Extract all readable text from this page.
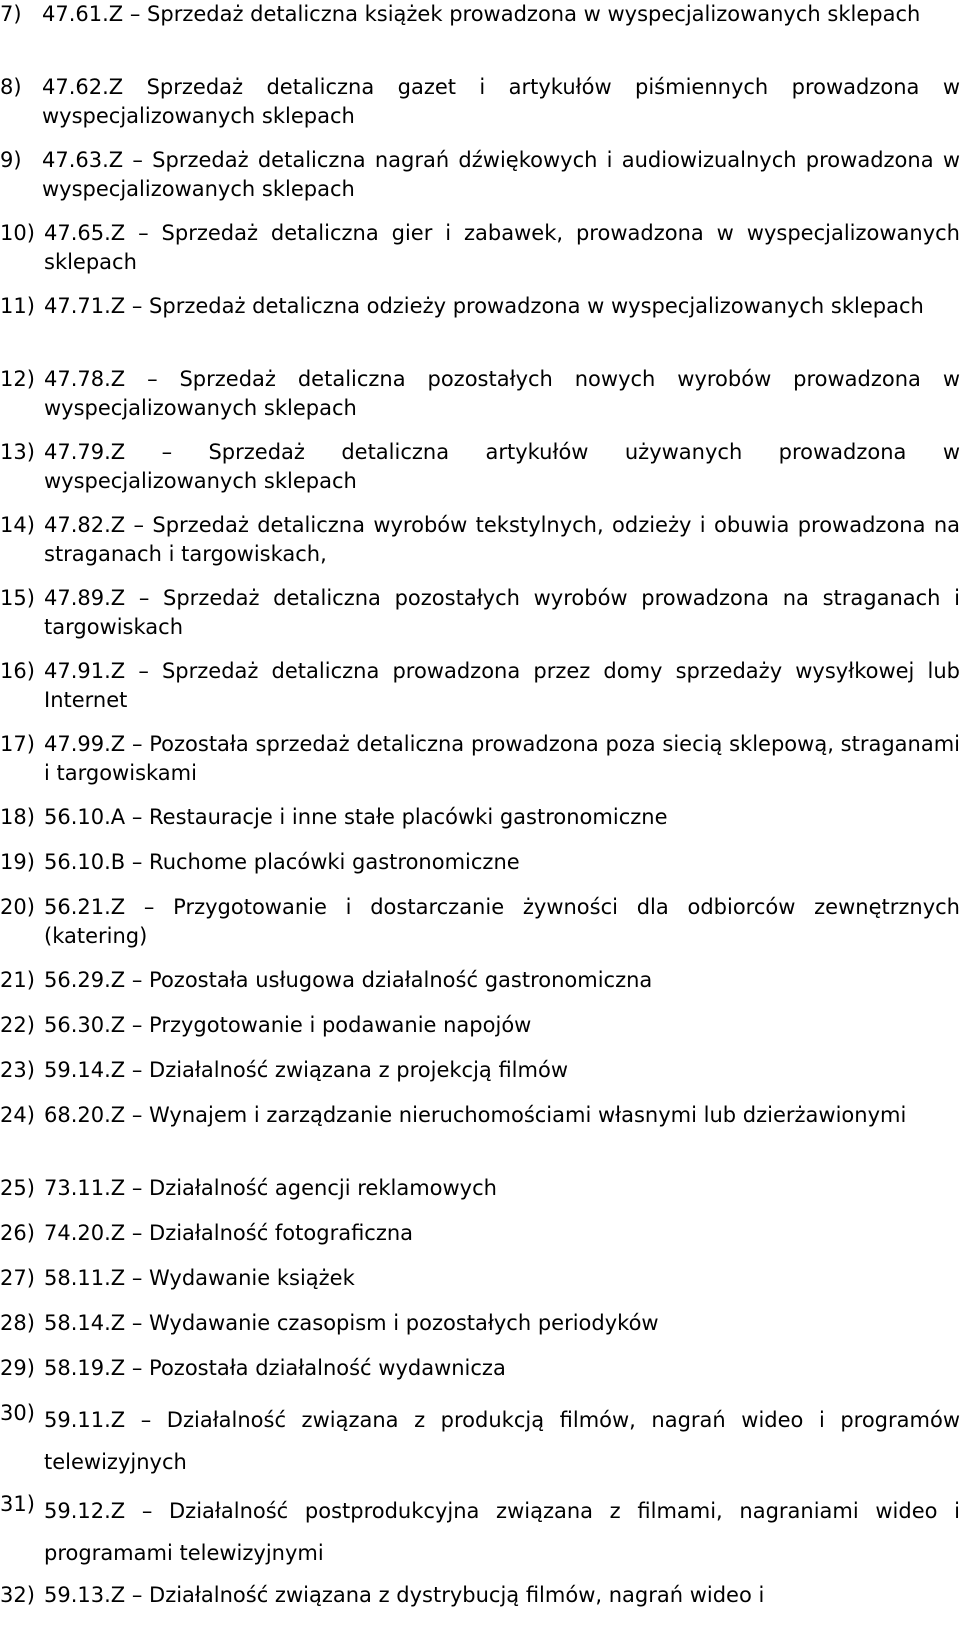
7) 47.61.Z – Sprzedaż detaliczna książek prowadzona w wyspecjalizowanych sklepach
8) 47.62.Z Sprzedaż detaliczna gazet i artykułów piśmiennych prowadzona w wyspecjalizowanych sklepach
9) 47.63.Z – Sprzedaż detaliczna nagrań dźwiękowych i audiowizualnych prowadzona w wyspecjalizowanych sklepach
10) 47.65.Z – Sprzedaż detaliczna gier i zabawek, prowadzona w wyspecjalizowanych sklepach
11) 47.71.Z – Sprzedaż detaliczna odzieży prowadzona w wyspecjalizowanych sklepach
12) 47.78.Z – Sprzedaż detaliczna pozostałych nowych wyrobów prowadzona w wyspecjalizowanych sklepach
13) 47.79.Z – Sprzedaż detaliczna artykułów używanych prowadzona w wyspecjalizowanych sklepach
14) 47.82.Z – Sprzedaż detaliczna wyrobów tekstylnych, odzieży i obuwia prowadzona na straganach i targowiskach,
15) 47.89.Z – Sprzedaż detaliczna pozostałych wyrobów prowadzona na straganach i targowiskach
16) 47.91.Z – Sprzedaż detaliczna prowadzona przez domy sprzedaży wysyłkowej lub Internet
17) 47.99.Z – Pozostała sprzedaż detaliczna prowadzona poza siecią sklepową, straganami i targowiskami
18) 56.10.A – Restauracje i inne stałe placówki gastronomiczne
19) 56.10.B – Ruchome placówki gastronomiczne
20) 56.21.Z – Przygotowanie i dostarczanie żywności dla odbiorców zewnętrznych (katering)
21) 56.29.Z – Pozostała usługowa działalność gastronomiczna
22) 56.30.Z – Przygotowanie i podawanie napojów
23) 59.14.Z – Działalność związana z projekcją filmów
24) 68.20.Z – Wynajem i zarządzanie nieruchomościami własnymi lub dzierżawionymi
25) 73.11.Z – Działalność agencji reklamowych
26) 74.20.Z – Działalność fotograficzna
27) 58.11.Z – Wydawanie książek
28) 58.14.Z – Wydawanie czasopism i pozostałych periodyków
29) 58.19.Z – Pozostała działalność wydawnicza
30) 59.11.Z – Działalność związana z produkcją filmów, nagrań wideo i programów telewizyjnych
31) 59.12.Z – Działalność postprodukcyjna związana z filmami, nagraniami wideo i programami telewizyjnymi
32) 59.13.Z – Działalność związana z dystrybucją filmów, nagrań wideo i
